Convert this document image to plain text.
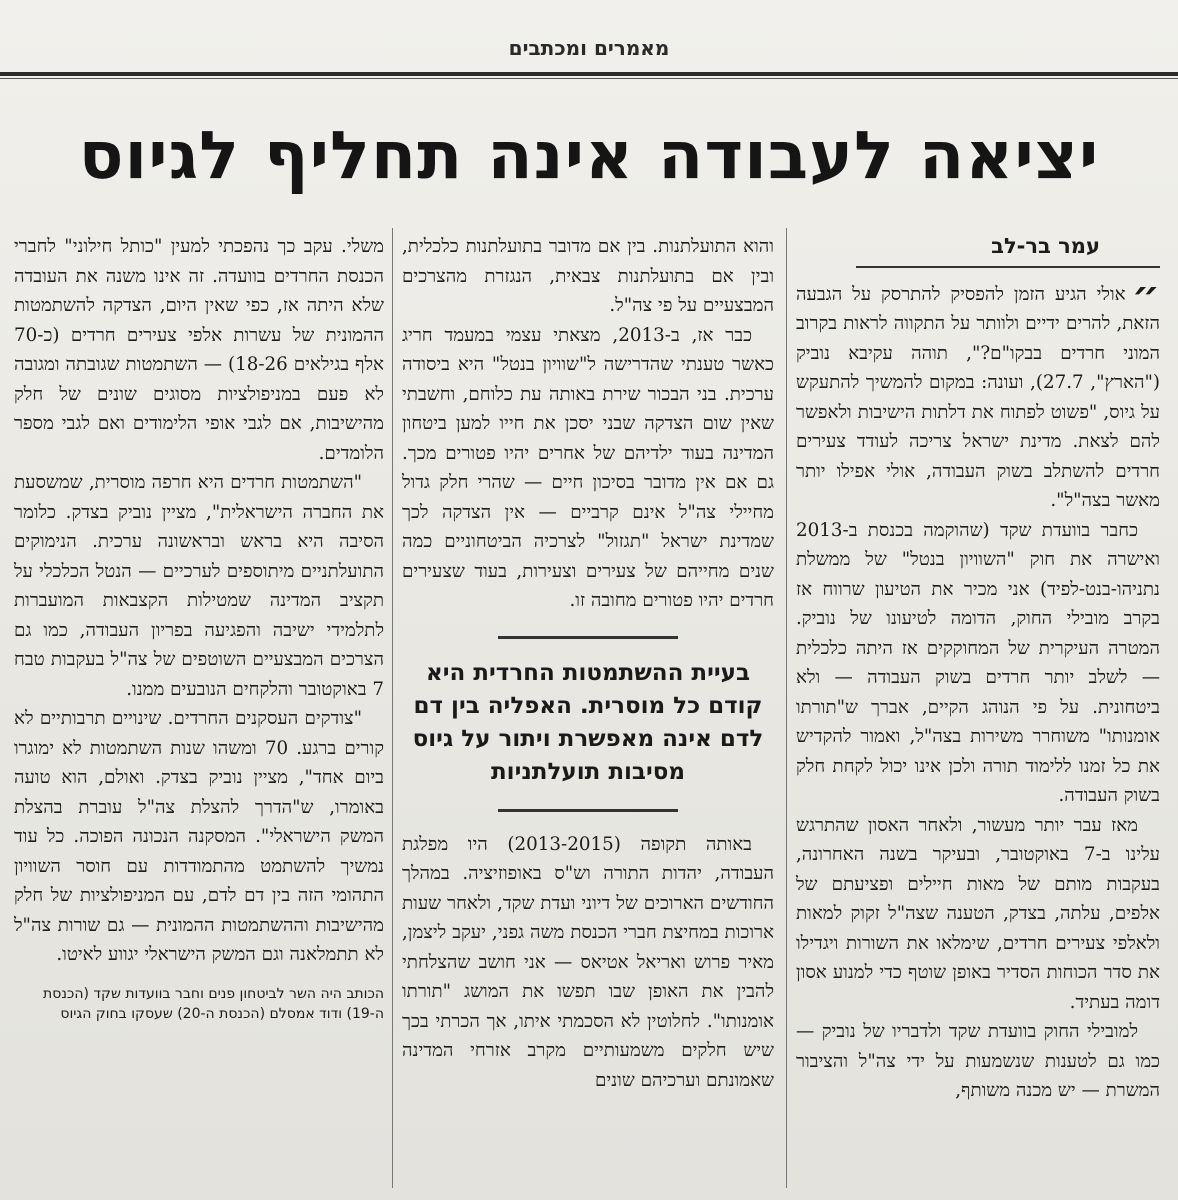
מאמרים ומכתבים
יציאה לעבודה אינה תחליף לגיוס
עמר בר-לב

״
אולי הגיע הזמן להפסיק להתרסק על הגבעה הזאת, להרים ידיים ולוותר על התקווה לראות בקרוב המוני חרדים בבקו"ם?", תוהה עקיבא נוביק ("הארץ", 27.7), ועונה: במקום להמשיך להתעקש על גיוס, "פשוט לפתוח את דלתות הישיבות ולאפשר להם לצאת. מדינת ישראל צריכה לעודד צעירים חרדים להשתלב בשוק העבודה, אולי אפילו יותר מאשר בצה"ל".

כחבר בוועדת שקד (שהוקמה בכנסת ב-2013 ואישרה את חוק "השוויון בנטל" של ממשלת נתניהו-בנט-לפיד) אני מכיר את הטיעון שרווח אז בקרב מובילי החוק, הדומה לטיעונו של נוביק. המטרה העיקרית של המחוקקים אז היתה כלכלית — לשלב יותר חרדים בשוק העבודה — ולא ביטחונית. על פי הנוהג הקיים, אברך ש"תורתו אומנותו" משוחרר משירות בצה"ל, ואמור להקדיש את כל זמנו ללימוד תורה ולכן אינו יכול לקחת חלק בשוק העבודה.

מאז עבר יותר מעשור, ולאחר האסון שהתרגש עלינו ב-7 באוקטובר, ובעיקר בשנה האחרונה, בעקבות מותם של מאות חיילים ופציעתם של אלפים, עלתה, בצדק, הטענה שצה"ל זקוק למאות ולאלפי צעירים חרדים, שימלאו את השורות ויגדילו את סדר הכוחות הסדיר באופן שוטף כדי למנוע אסון דומה בעתיד.

למובילי החוק בוועדת שקד ולדבריו של נוביק — כמו גם לטענות שנשמעות על ידי צה"ל והציבור המשרת — יש מכנה משותף,

והוא התועלתנות. בין אם מדובר בתועלתנות כלכלית, ובין אם בתועלתנות צבאית, הנגזרת מהצרכים המבצעיים על פי צה"ל.

כבר אז, ב-2013, מצאתי עצמי במעמד חריג כאשר טענתי שהדרישה ל"שוויון בנטל" היא ביסודה ערכית. בני הבכור שירת באותה עת כלוחם, וחשבתי שאין שום הצדקה שבני יסכן את חייו למען ביטחון המדינה בעוד ילדיהם של אחרים יהיו פטורים מכך. גם אם אין מדובר בסיכון חיים — שהרי חלק גדול מחיילי צה"ל אינם קרביים — אין הצדקה לכך שמדינת ישראל "תגזול" לצרכיה הביטחוניים כמה שנים מחייהם של צעירים וצעירות, בעוד שצעירים חרדים יהיו פטורים מחובה זו.

בעיית ההשתמטות החרדית היא קודם כל מוסרית. האפליה בין דם לדם אינה מאפשרת ויתור על גיוס מסיבות תועלתניות

באותה תקופה (2013-2015) היו מפלגת העבודה, יהדות התורה וש"ס באופוזיציה. במהלך החודשים הארוכים של דיוני ועדת שקד, ולאחר שעות ארוכות במחיצת חברי הכנסת משה גפני, יעקב ליצמן, מאיר פרוש ואריאל אטיאס — אני חושב שהצלחתי להבין את האופן שבו תפשו את המושג "תורתו אומנותו". לחלוטין לא הסכמתי איתו, אך הכרתי בכך שיש חלקים משמעותיים מקרב אזרחי המדינה שאמונתם וערכיהם שונים

משלי. עקב כך נהפכתי למעין "כותל חילוני" לחברי הכנסת החרדים בוועדה. זה אינו משנה את העובדה שלא היתה אז, כפי שאין היום, הצדקה להשתמטות ההמונית של עשרות אלפי צעירים חרדים (כ-70 אלף בגילאים 18-26) — השתמטות שגובתה ומגובה לא פעם במניפולציות מסוגים שונים של חלק מהישיבות, אם לגבי אופי הלימודים ואם לגבי מספר הלומדים.

"השתמטות חרדים היא חרפה מוסרית, שמשסעת את החברה הישראלית", מציין נוביק בצדק. כלומר הסיבה היא בראש ובראשונה ערכית. הנימוקים התועלתניים מיתוספים לערכיים — הנטל הכלכלי על תקציב המדינה שמטילות הקצבאות המועברות לתלמידי ישיבה והפגיעה בפריון העבודה, כמו גם הצרכים המבצעיים השוטפים של צה"ל בעקבות טבח 7 באוקטובר והלקחים הנובעים ממנו.

"צודקים העסקנים החרדים. שינויים תרבותיים לא קורים ברגע. 70 ומשהו שנות השתמטות לא ימוגרו ביום אחד", מציין נוביק בצדק. ואולם, הוא טועה באומרו, ש"הדרך להצלת צה"ל עוברת בהצלת המשק הישראלי". המסקנה הנכונה הפוכה. כל עוד נמשיך להשתמט מהתמודדות עם חוסר השוויון התהומי הזה בין דם לדם, עם המניפולציות של חלק מהישיבות וההשתמטות ההמונית — גם שורות צה"ל לא תתמלאנה וגם המשק הישראלי יגווע לאיטו.

הכותב היה השר לביטחון פנים וחבר בוועדות שקד (הכנסת ה-19) ודוד אמסלם (הכנסת ה-20) שעסקו בחוק הגיוס
